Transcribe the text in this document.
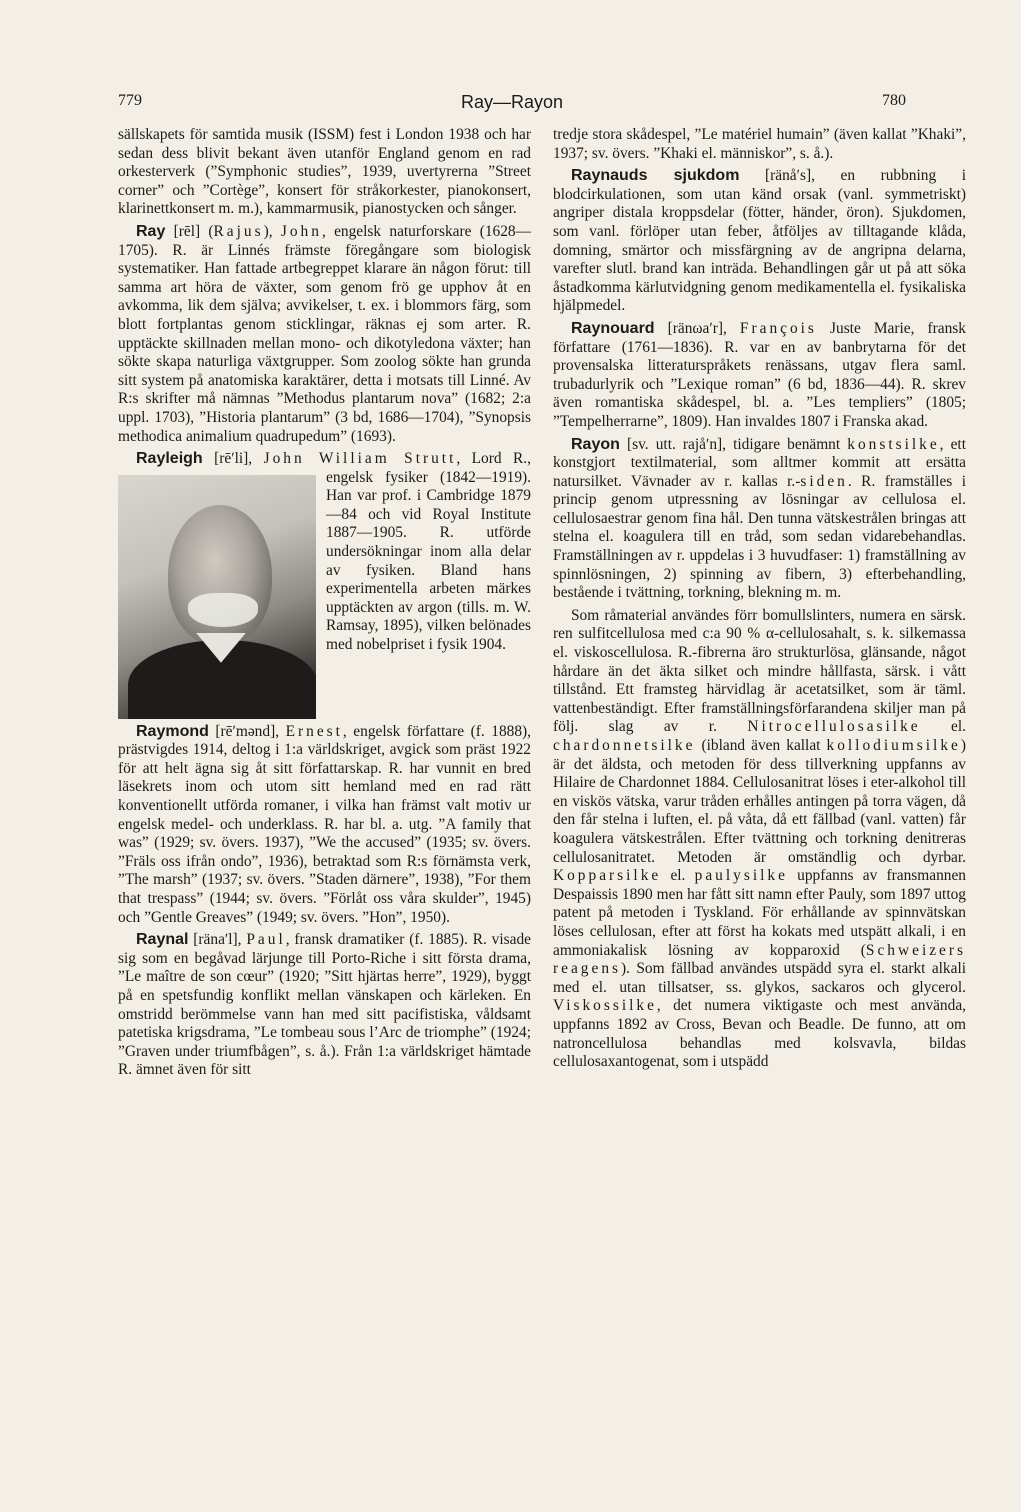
779	Ray—Rayon	780

sällskapets för samtida musik (ISSM) fest i London 1938 och har sedan dess blivit bekant även utanför England genom en rad orkesterverk (”Symphonic studies”, 1939, uvertyrerna ”Street corner” och ”Cortège”, konsert för stråkorkester, pianokonsert, klarinettkonsert m. m.), kammarmusik, pianostycken och sånger.

Ray [rēl] (Rajus), John, engelsk naturforskare (1628—1705). R. är Linnés främste föregångare som biologisk systematiker. Han fattade artbegreppet klarare än någon förut: till samma art höra de växter, som genom frö ge upphov åt en avkomma, lik dem själva; avvikelser, t. ex. i blommors färg, som blott fortplantas genom sticklingar, räknas ej som arter. R. upptäckte skillnaden mellan mono- och dikotyledona växter; han sökte skapa naturliga växtgrupper. Som zoolog sökte han grunda sitt system på anatomiska karaktärer, detta i motsats till Linné. Av R:s skrifter må nämnas ”Methodus plantarum nova” (1682; 2:a uppl. 1703), ”Historia plantarum” (3 bd, 1686—1704), ”Synopsis methodica animalium quadrupedum” (1693).

Rayleigh [rēʹli], John William Strutt
, Lord R., engelsk fysiker (1842—1919). Han var prof. i Cambridge 1879—84 och vid Royal Institute 1887—1905. R. utförde undersökningar inom alla delar av fysiken. Bland hans experimentella arbeten märkes upptäckten av argon (tills. m. W. Ramsay, 1895), vilken belönades med nobelpriset i fysik 1904.

Raymond [rēʹmənd], Ernest, engelsk författare (f. 1888), prästvigdes 1914, deltog i 1:a världskriget, avgick som präst 1922 för att helt ägna sig åt sitt författarskap. R. har vunnit en bred läsekrets inom och utom sitt hemland med en rad rätt konventionellt utförda romaner, i vilka han främst valt motiv ur engelsk medel- och underklass. R. har bl. a. utg. ”A family that was” (1929; sv. övers. 1937), ”We the accused” (1935; sv. övers. ”Fräls oss ifrån ondo”, 1936), betraktad som R:s förnämsta verk, ”The marsh” (1937; sv. övers. ”Staden därnere”, 1938), ”For them that trespass” (1944; sv. övers. ”Förlåt oss våra skulder”, 1945) och ”Gentle Greaves” (1949; sv. övers. ”Hon”, 1950).

Raynal [ränaʹl], Paul, fransk dramatiker (f. 1885). R. visade sig som en begåvad lärjunge till Porto-Riche i sitt första drama, ”Le maître de son cœur” (1920; ”Sitt hjärtas herre”, 1929), byggt på en spetsfundig konflikt mellan vänskapen och kärleken. En omstridd berömmelse vann han med sitt pacifistiska, våldsamt patetiska krigsdrama, ”Le tombeau sous l’Arc de triomphe” (1924; ”Graven under triumfbågen”, s. å.). Från 1:a världskriget hämtade R. ämnet även för sitt

tredje stora skådespel, ”Le matériel humain” (även kallat ”Khaki”, 1937; sv. övers. ”Khaki el. människor”, s. å.).

Raynauds sjukdom [ränåʹs], en rubbning i blodcirkulationen, som utan känd orsak (vanl. symmetriskt) angriper distala kroppsdelar (fötter, händer, öron). Sjukdomen, som vanl. förlöper utan feber, åtföljes av tilltagande klåda, domning, smärtor och missfärgning av de angripna delarna, varefter slutl. brand kan inträda. Behandlingen går ut på att söka åstadkomma kärlutvidgning genom medikamentella el. fysikaliska hjälpmedel.

Raynouard [ränωaʹr], François Juste Marie, fransk författare (1761—1836). R. var en av banbrytarna för det provensalska litteraturspråkets renässans, utgav flera saml. trubadurlyrik och ”Lexique roman” (6 bd, 1836—44). R. skrev även romantiska skådespel, bl. a. ”Les templiers” (1805; ”Tempelherrarne”, 1809). Han invaldes 1807 i Franska akad.

Rayon [sv. utt. rajåʹn], tidigare benämnt konstsilke, ett konstgjort textilmaterial, som alltmer kommit att ersätta natursilket. Vävnader av r. kallas r.-siden. R. framställes i princip genom utpressning av lösningar av cellulosa el. cellulosaestrar genom fina hål. Den tunna vätskestrålen bringas att stelna el. koagulera till en tråd, som sedan vidarebehandlas. Framställningen av r. uppdelas i 3 huvudfaser: 1) framställning av spinnlösningen, 2) spinning av fibern, 3) efterbehandling, bestående i tvättning, torkning, blekning m. m.

Som råmaterial användes förr bomullslinters, numera en särsk. ren sulfitcellulosa med c:a 90 % α-cellulosahalt, s. k. silkemassa el. viskoscellulosa. R.-fibrerna äro strukturlösa, glänsande, något hårdare än det äkta silket och mindre hållfasta, särsk. i vått tillstånd. Ett framsteg härvidlag är acetatsilket, som är täml. vattenbeständigt. Efter framställningsförfarandena skiljer man på följ. slag av r. Nitrocellulosasilke el. chardonnetsilke (ibland även kallat kollodiumsilke) är det äldsta, och metoden för dess tillverkning uppfanns av Hilaire de Chardonnet 1884. Cellulosanitrat löses i eter-alkohol till en viskös vätska, varur tråden erhålles antingen på torra vägen, då den får stelna i luften, el. på våta, då ett fällbad (vanl. vatten) får koagulera vätskestrålen. Efter tvättning och torkning denitreras cellulosanitratet. Metoden är omständlig och dyrbar. Kopparsilke el. paulysilke uppfanns av fransmannen Despaissis 1890 men har fått sitt namn efter Pauly, som 1897 uttog patent på metoden i Tyskland. För erhållande av spinnvätskan löses cellulosan, efter att först ha kokats med utspätt alkali, i en ammoniakalisk lösning av kopparoxid (Schweizers reagens). Som fällbad användes utspädd syra el. starkt alkali med el. utan tillsatser, ss. glykos, sackaros och glycerol. Viskossilke, det numera viktigaste och mest använda, uppfanns 1892 av Cross, Bevan och Beadle. De funno, att om natroncellulosa behandlas med kolsvavla, bildas cellulosaxantogenat, som i utspädd
